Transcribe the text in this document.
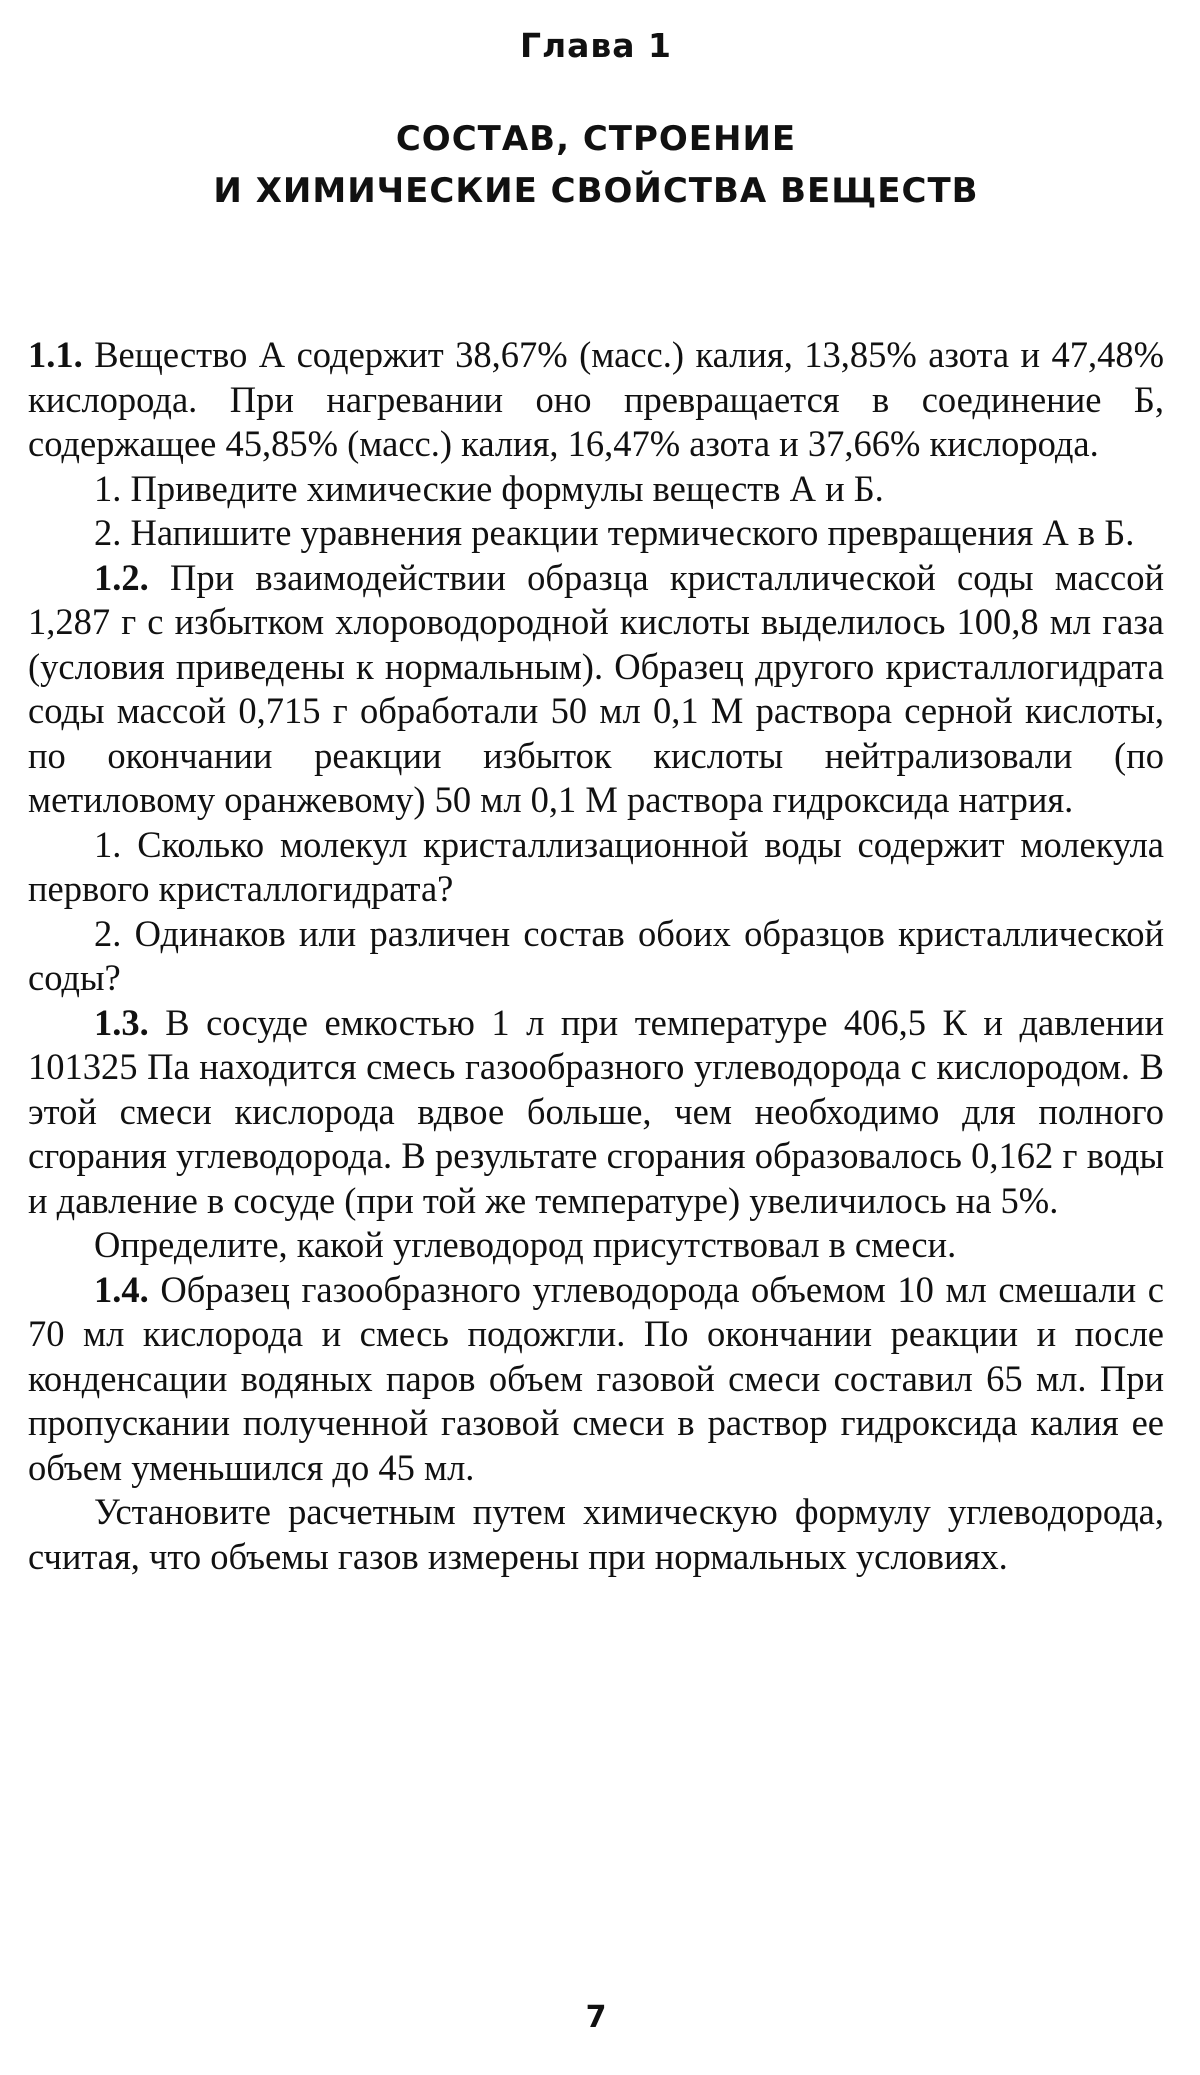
Глава 1
СОСТАВ, СТРОЕНИЕ
И ХИМИЧЕСКИЕ СВОЙСТВА ВЕЩЕСТВ

1.1. Вещество А содержит 38,67% (масс.) калия, 13,85% азота и 47,48% кислорода. При нагревании оно превращается в соединение Б, содержащее 45,85% (масс.) калия, 16,47% азота и 37,66% кислорода.

1. Приведите химические формулы веществ А и Б.

2. Напишите уравнения реакции термического превращения А в Б.

1.2. При взаимодействии образца кристаллической соды массой 1,287 г с избытком хлороводородной кислоты выделилось 100,8 мл газа (условия приведены к нормальным). Образец другого кристаллогидрата соды массой 0,715 г обработали 50 мл 0,1 М раствора серной кислоты, по окончании реакции избыток кислоты нейтрализовали (по метиловому оранжевому) 50 мл 0,1 М раствора гидроксида натрия.

1. Сколько молекул кристаллизационной воды содержит молекула первого кристаллогидрата?

2. Одинаков или различен состав обоих образцов кристаллической соды?

1.3. В сосуде емкостью 1 л при температуре 406,5 К и давлении 101325 Па находится смесь газообразного углеводорода с кислородом. В этой смеси кислорода вдвое больше, чем необходимо для полного сгорания углеводорода. В результате сгорания образовалось 0,162 г воды и давление в сосуде (при той же температуре) увеличилось на 5%.

Определите, какой углеводород присутствовал в смеси.

1.4. Образец газообразного углеводорода объемом 10 мл смешали с 70 мл кислорода и смесь подожгли. По окончании реакции и после конденсации водяных паров объем газовой смеси составил 65 мл. При пропускании полученной газовой смеси в раствор гидроксида калия ее объем уменьшился до 45 мл.

Установите расчетным путем химическую формулу углеводорода, считая, что объемы газов измерены при нормальных условиях.

7
